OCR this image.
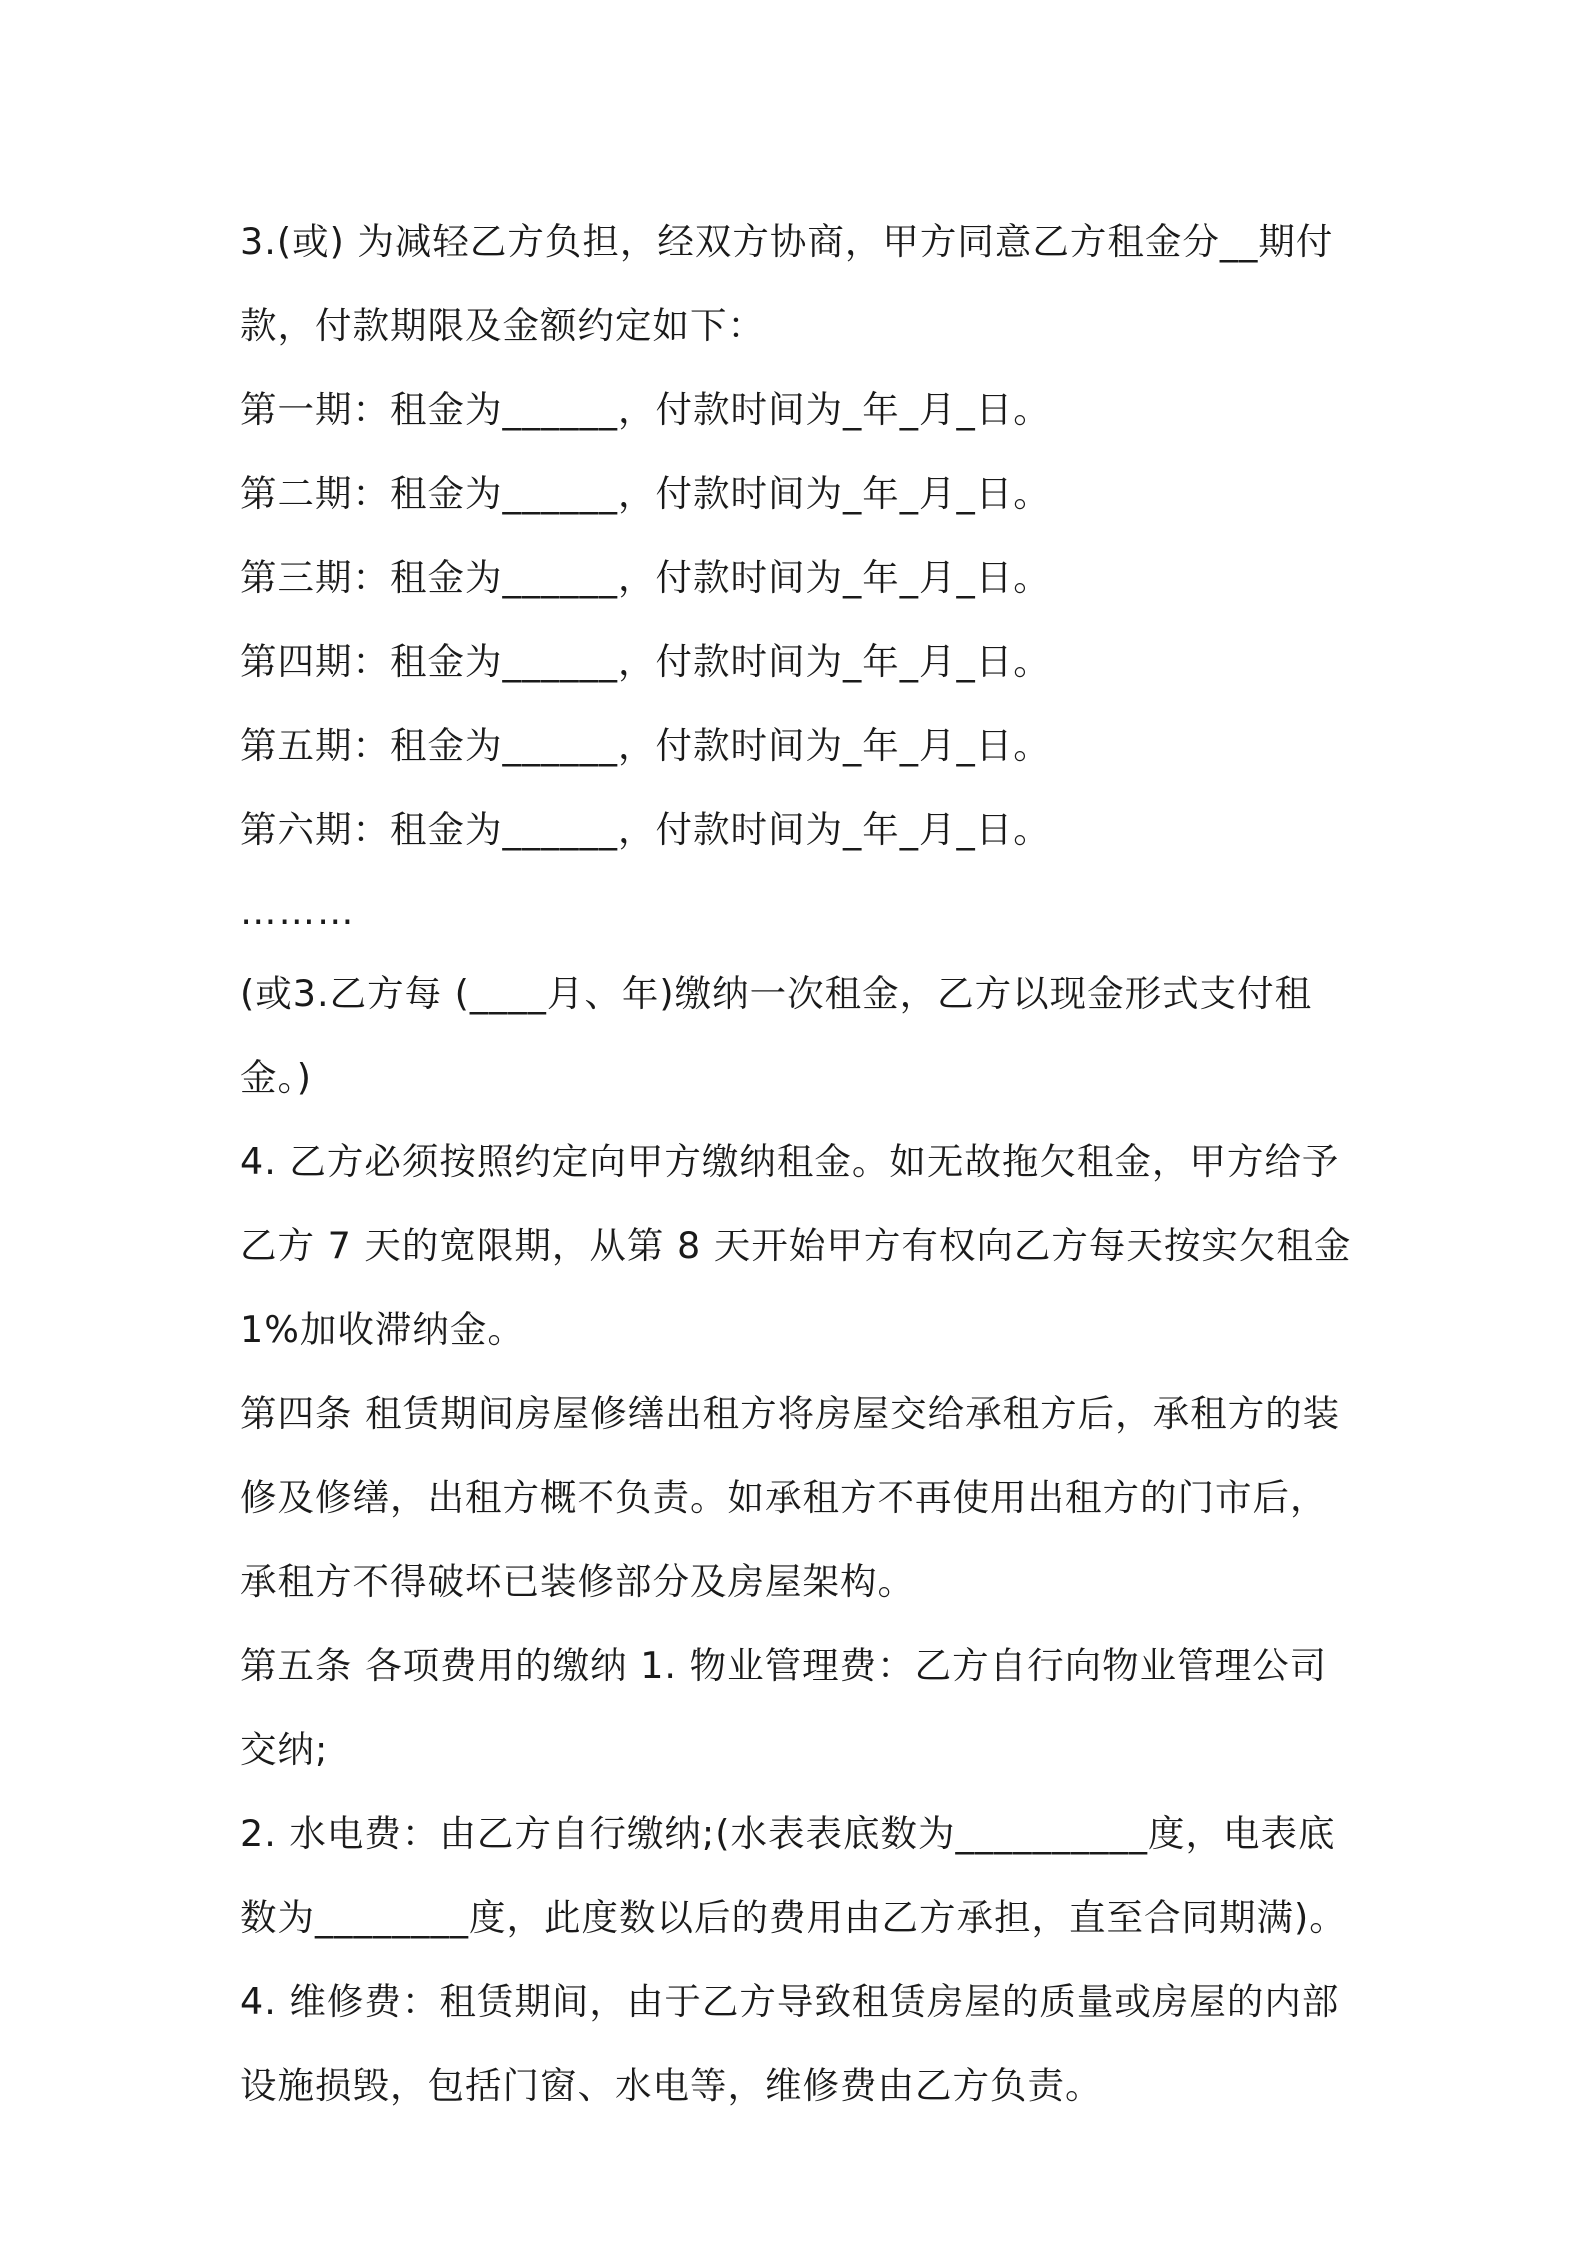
3.(或) 为减轻乙方负担，经双方协商，甲方同意乙方租金分__期付款，付款期限及金额约定如下：

第一期：租金为______，付款时间为_年_月_日。

第二期：租金为______，付款时间为_年_月_日。

第三期：租金为______，付款时间为_年_月_日。

第四期：租金为______，付款时间为_年_月_日。

第五期：租金为______，付款时间为_年_月_日。

第六期：租金为______，付款时间为_年_月_日。

………

(或3.乙方每 (____月、年)缴纳一次租金，乙方以现金形式支付租金。)

4. 乙方必须按照约定向甲方缴纳租金。如无故拖欠租金，甲方给予乙方 7 天的宽限期，从第 8 天开始甲方有权向乙方每天按实欠租金 1%加收滞纳金。

第四条 租赁期间房屋修缮出租方将房屋交给承租方后，承租方的装修及修缮，出租方概不负责。如承租方不再使用出租方的门市后，承租方不得破坏已装修部分及房屋架构。

第五条 各项费用的缴纳 1. 物业管理费：乙方自行向物业管理公司交纳;

2. 水电费：由乙方自行缴纳;(水表表底数为__________度，电表底数为________度，此度数以后的费用由乙方承担，直至合同期满)。

4. 维修费：租赁期间，由于乙方导致租赁房屋的质量或房屋的内部设施损毁，包括门窗、水电等，维修费由乙方负责。
